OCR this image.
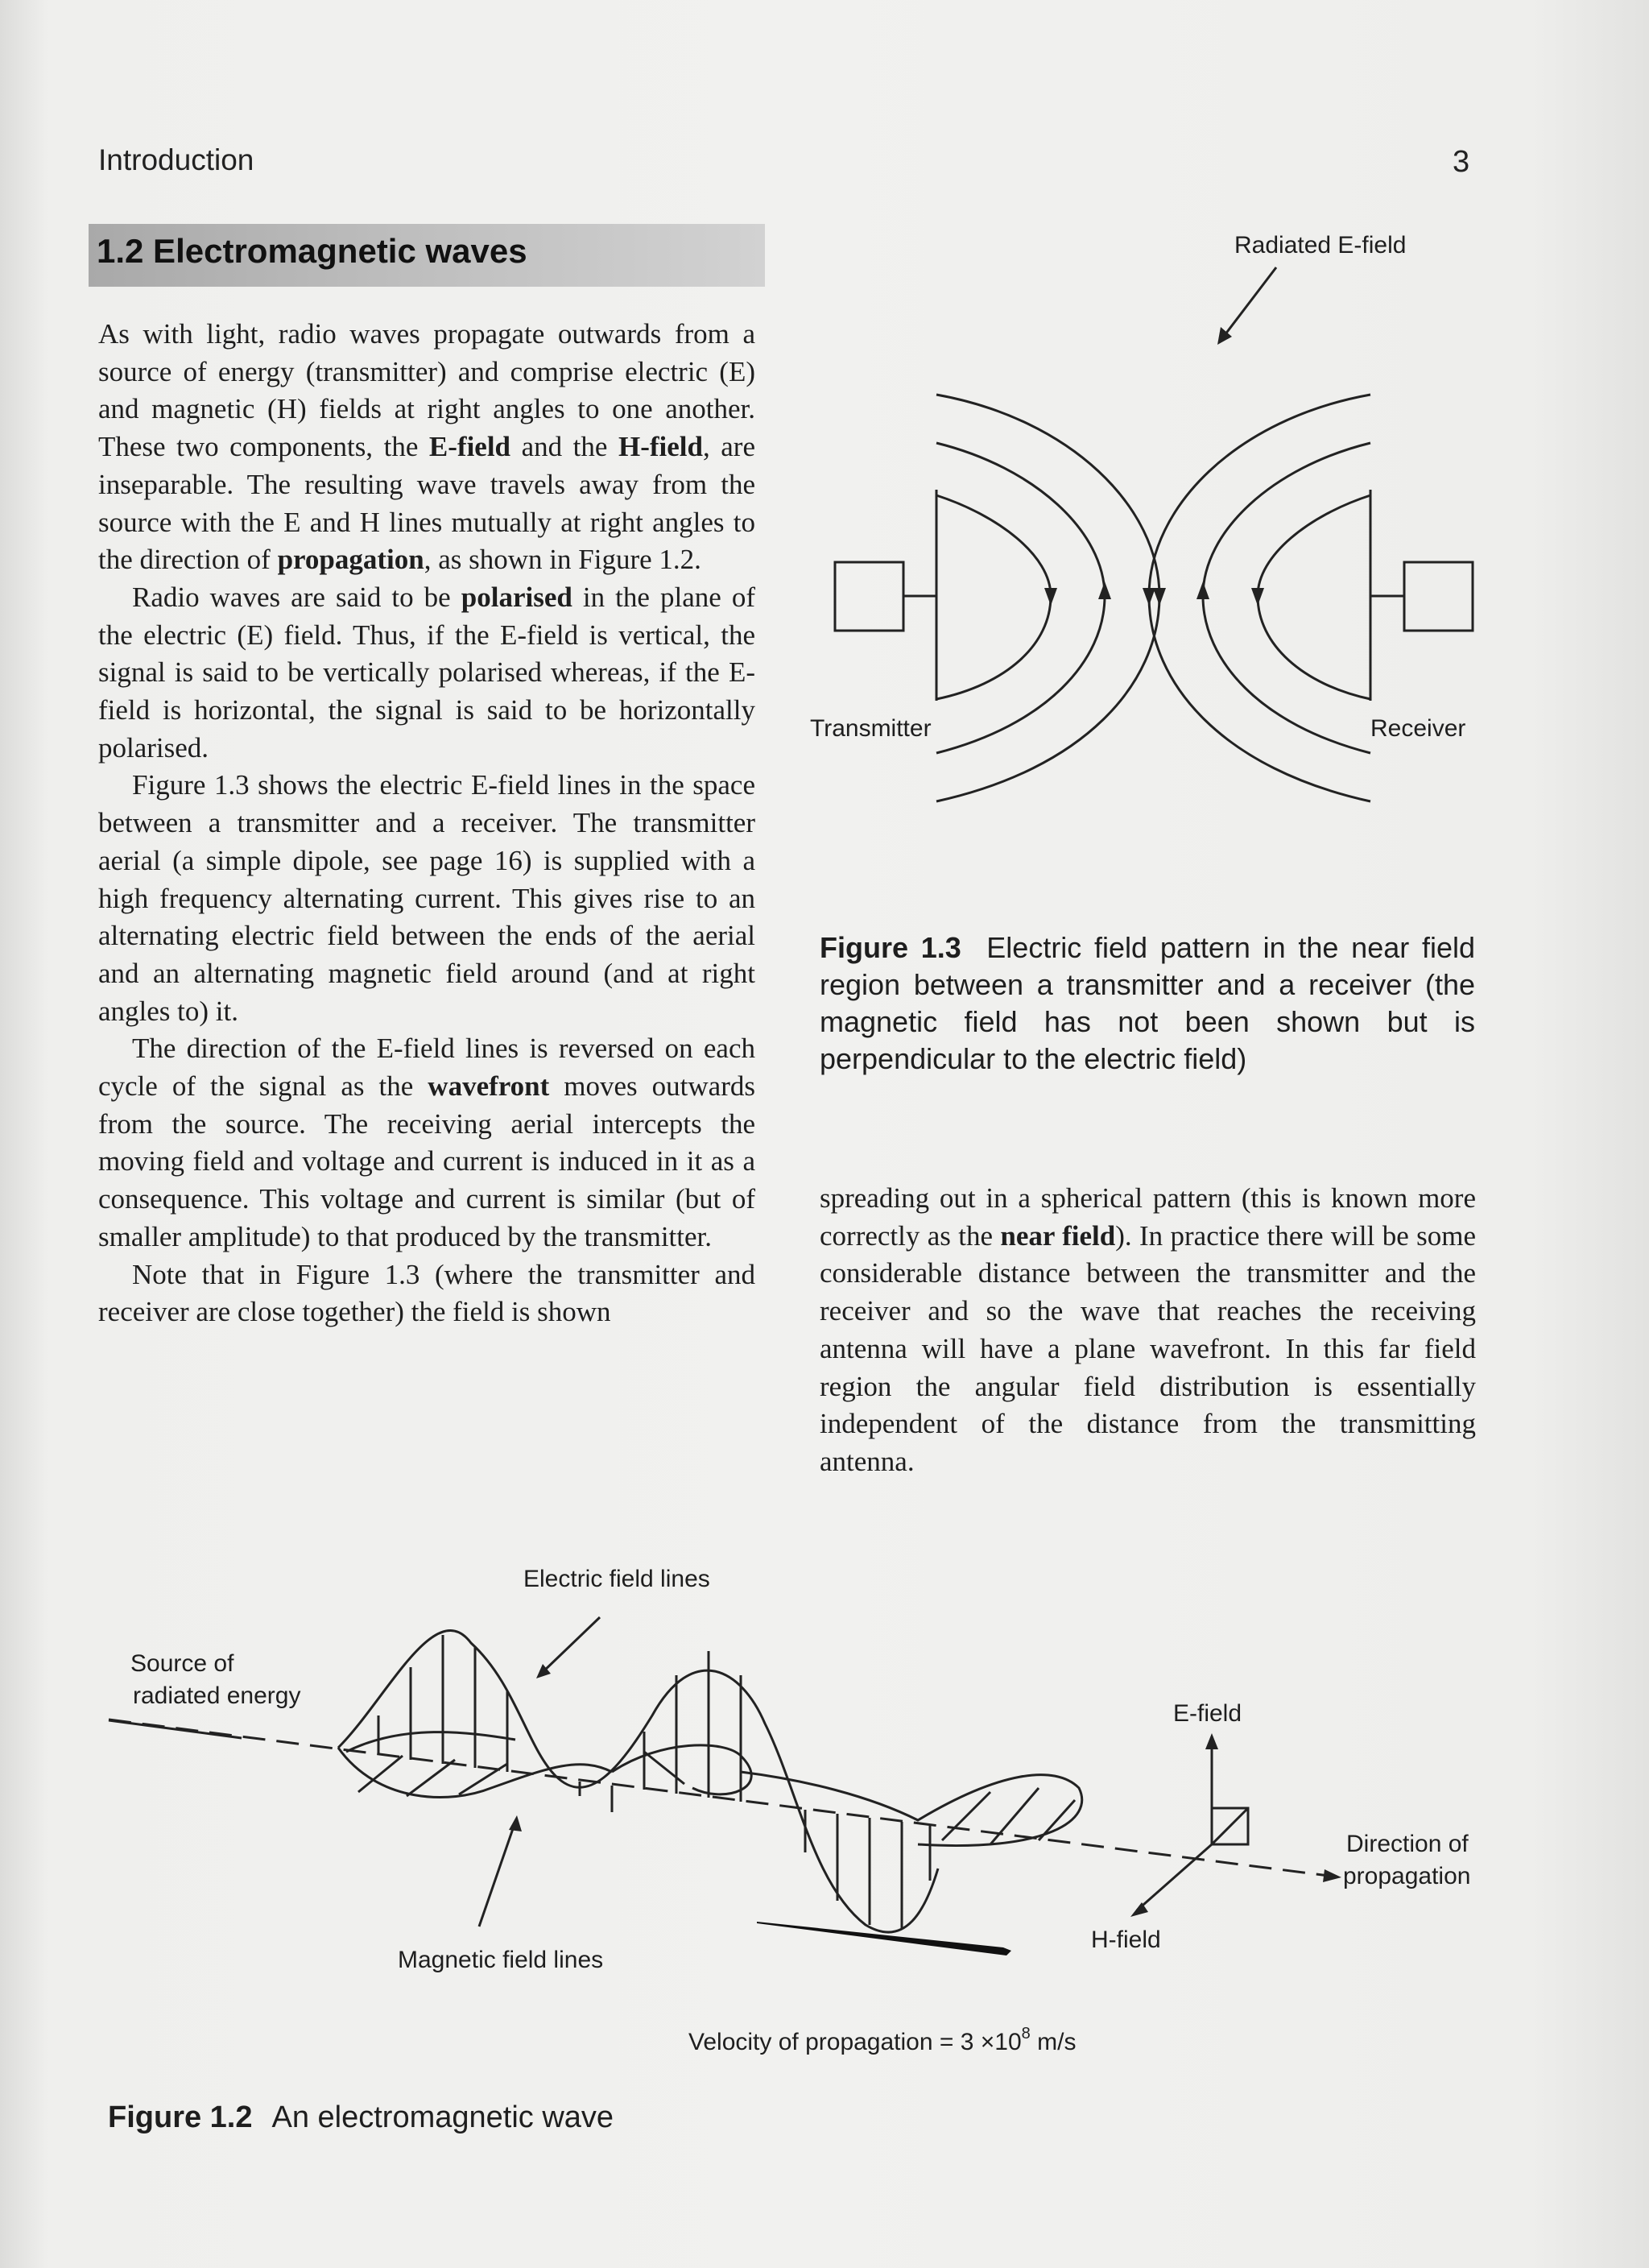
Introduction	3
1.2 Electromagnetic waves

As with light, radio waves propagate outwards from a source of energy (transmitter) and comprise electric (E) and magnetic (H) fields at right angles to one another. These two components, the E-field and the H-field, are inseparable. The resulting wave travels away from the source with the E and H lines mutually at right angles to the direction of propagation, as shown in Figure 1.2.

Radio waves are said to be polarised in the plane of the electric (E) field. Thus, if the E-field is vertical, the signal is said to be vertically polarised whereas, if the E-field is horizontal, the signal is said to be horizontally polarised.

Figure 1.3 shows the electric E-field lines in the space between a transmitter and a receiver. The transmitter aerial (a simple dipole, see page 16) is supplied with a high frequency alternating current. This gives rise to an alternating electric field between the ends of the aerial and an alternating magnetic field around (and at right angles to) it.

The direction of the E-field lines is reversed on each cycle of the signal as the wavefront moves outwards from the source. The receiving aerial intercepts the moving field and voltage and current is induced in it as a consequence. This voltage and current is similar (but of smaller amplitude) to that produced by the transmitter.

Note that in Figure 1.3 (where the transmitter and receiver are close together) the field is shown

Radiated E-field
Transmitter	Receiver
Figure 1.3 Electric field pattern in the near field region between a transmitter and a receiver (the magnetic field has not been shown but is perpendicular to the electric field)

spreading out in a spherical pattern (this is known more correctly as the near field). In practice there will be some considerable distance between the transmitter and the receiver and so the wave that reaches the receiving antenna will have a plane wavefront. In this far field region the angular field distribution is essentially independent of the distance from the transmitting antenna.

Electric field lines
Source of
radiated energy
E-field
Direction of
propagation
H-field
Magnetic field lines
Velocity of propagation = $3 \times 10^8$ m/s
Figure 1.2 An electromagnetic wave
